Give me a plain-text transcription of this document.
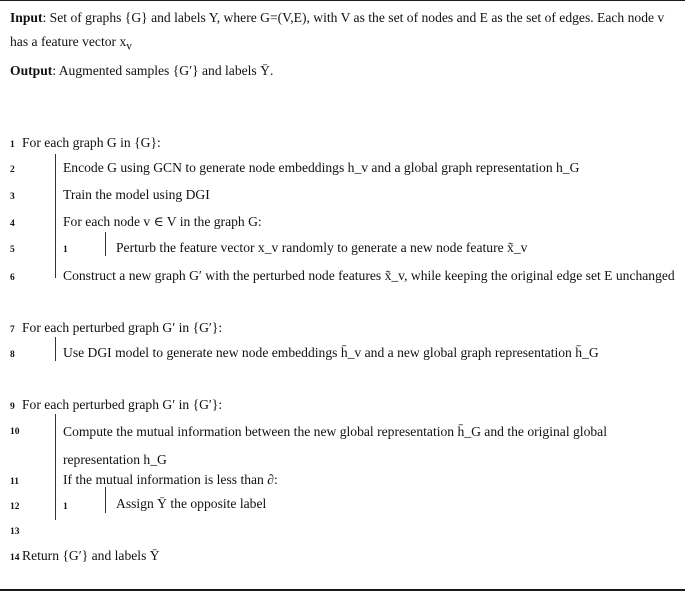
Input: Set of graphs {G} and labels Y, where G=(V,E), with V as the set of nodes and E as the set of edges. Each node v has a feature vector $x_v$
Output: Augmented samples {G′} and labels Ȳ.
1 For each graph G in {G}:
2	Encode G using GCN to generate node embeddings h_v and a global graph representation h_G
3	Train the model using DGI
4	For each node v ∈ V in the graph G:
5	1	Perturb the feature vector x_v randomly to generate a new node feature x̃_v
6	Construct a new graph G′ with the perturbed node features x̃_v, while keeping the original edge set E unchanged
7 For each perturbed graph G′ in {G′}:
8	Use DGI model to generate new node embeddings h̄_v and a new global graph representation h̄_G
9 For each perturbed graph G′ in {G′}:
10	Compute the mutual information between the new global representation h̄_G and the original global representation h_G
11	If the mutual information is less than ∂:
12	1	Assign Ȳ the opposite label
13
14 Return {G′} and labels Ȳ
